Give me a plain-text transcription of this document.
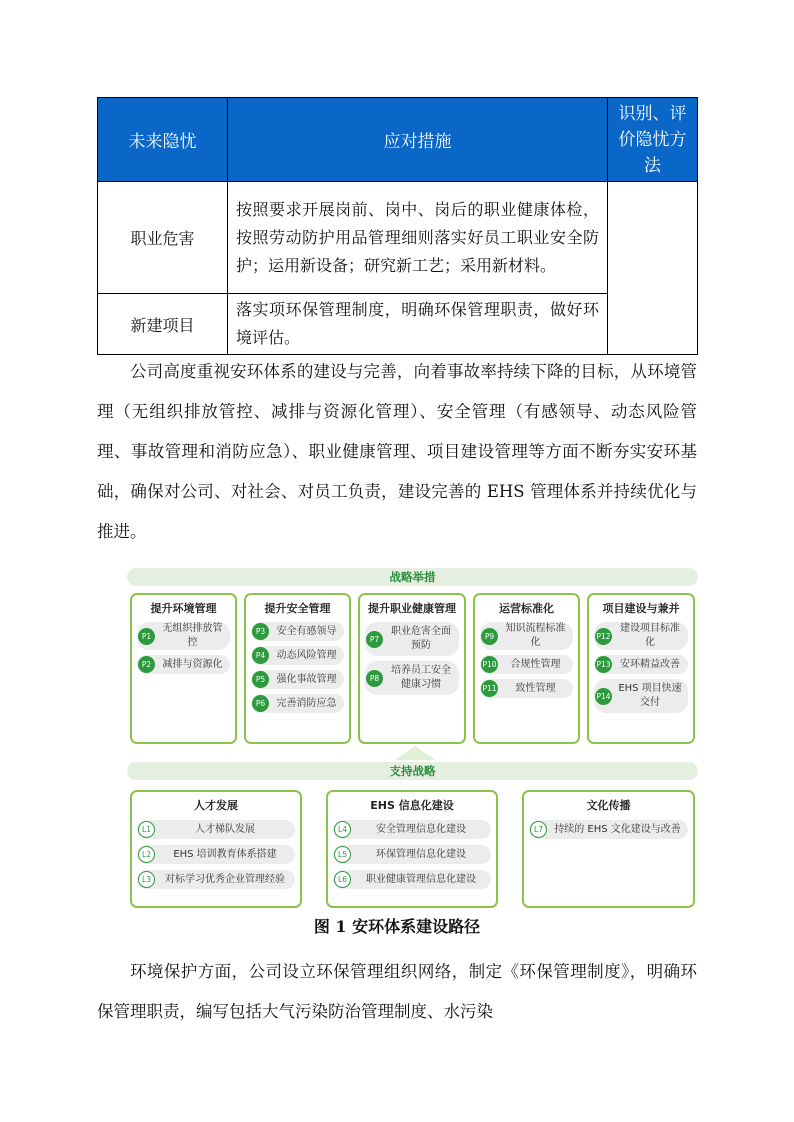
未来隐忧	应对措施	识别、评价隐忧方法
职业危害	按照要求开展岗前、岗中、岗后的职业健康体检，按照劳动防护用品管理细则落实好员工职业安全防护；运用新设备；研究新工艺；采用新材料。	
新建项目	落实项环保管理制度，明确环保管理职责，做好环境评估。	

公司高度重视安环体系的建设与完善，向着事故率持续下降的目标，从环境管理（无组织排放管控、减排与资源化管理）、安全管理（有感领导、动态风险管理、事故管理和消防应急）、职业健康管理、项目建设管理等方面不断夯实安环基础，确保对公司、对社会、对员工负责，建设完善的 EHS 管理体系并持续优化与推进。

战略举措
提升环境管理
P1
无组织排放管控
P2	减排与资源化
提升安全管理
P3	安全有感领导
P4	动态风险管理
P5	强化事故管理
P6	完善消防应急
提升职业健康管理
P7
职业危害全面预防
P8
培养员工安全健康习惯
运营标准化
P9
知识流程标准化
P10	合规性管理
P11	致性管理
项目建设与兼并
P12
建设项目标准化
P13 安环精益改善
P14
EHS 项目快速交付
支持战略
人才发展
L1	人才梯队发展
L2	EHS 培训教育体系搭建
L3	对标学习优秀企业管理经验
EHS 信息化建设
L4	安全管理信息化建设
L5	环保管理信息化建设
L6	职业健康管理信息化建设
文化传播
L7	持续的 EHS 文化建设与改善
图 1 安环体系建设路径

环境保护方面，公司设立环保管理组织网络，制定《环保管理制度》，明确环保管理职责，编写包括大气污染防治管理制度、水污染
